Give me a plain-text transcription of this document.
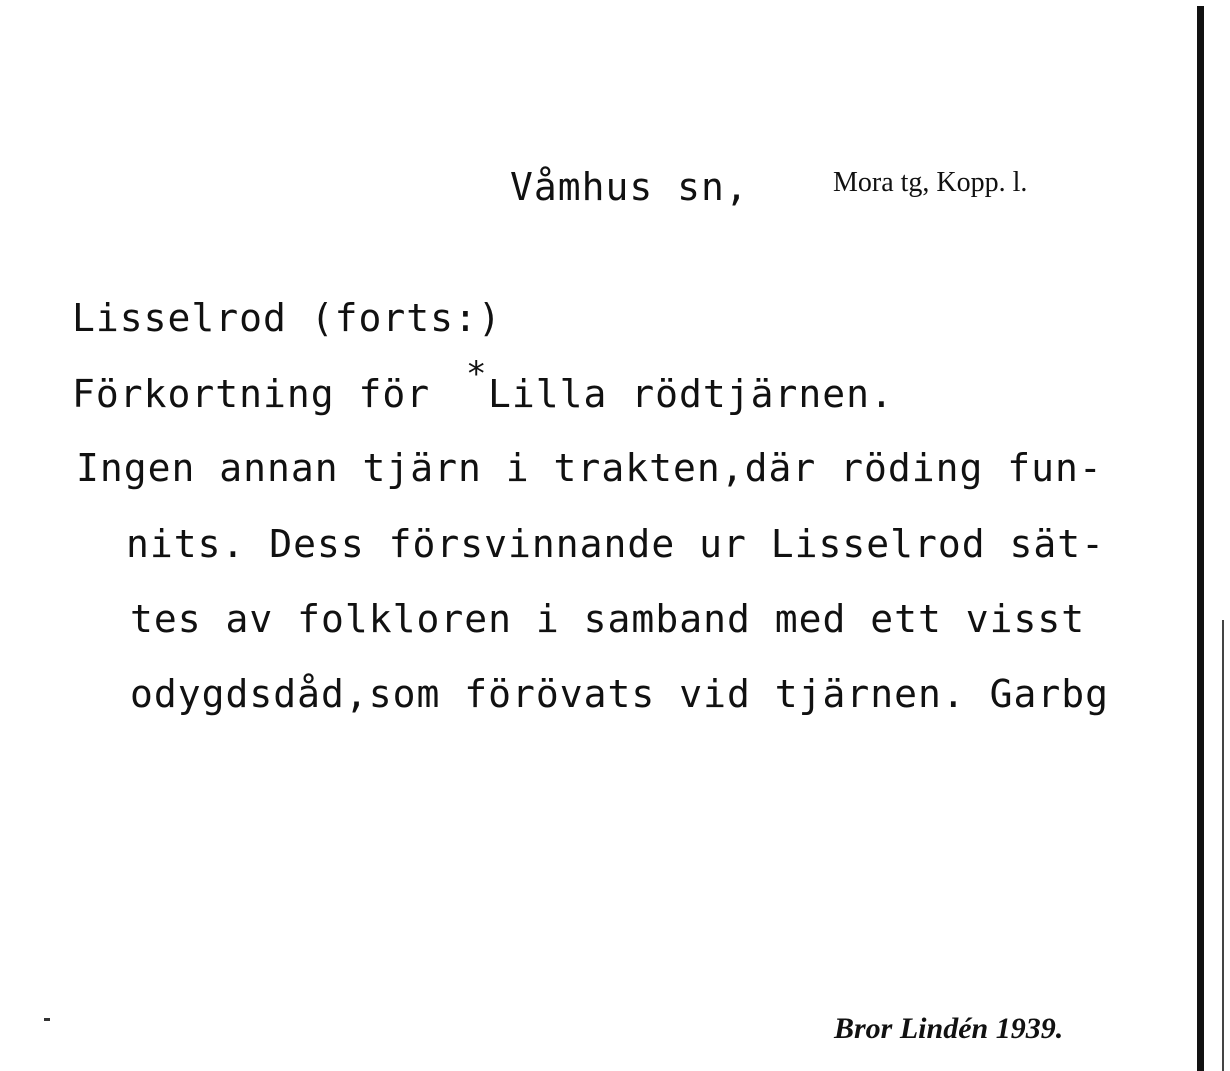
Våmhus sn,	Mora tg, Kopp. l.
Lisselrod (forts:)
Förkortning för * Lilla rödtjärnen.
Ingen annan tjärn i trakten,där röding fun-
nits. Dess försvinnande ur Lisselrod sät-
tes av folkloren i samband med ett visst
odygdsdåd,som förövats vid tjärnen. Garbg
Bror Lindén 1939.
